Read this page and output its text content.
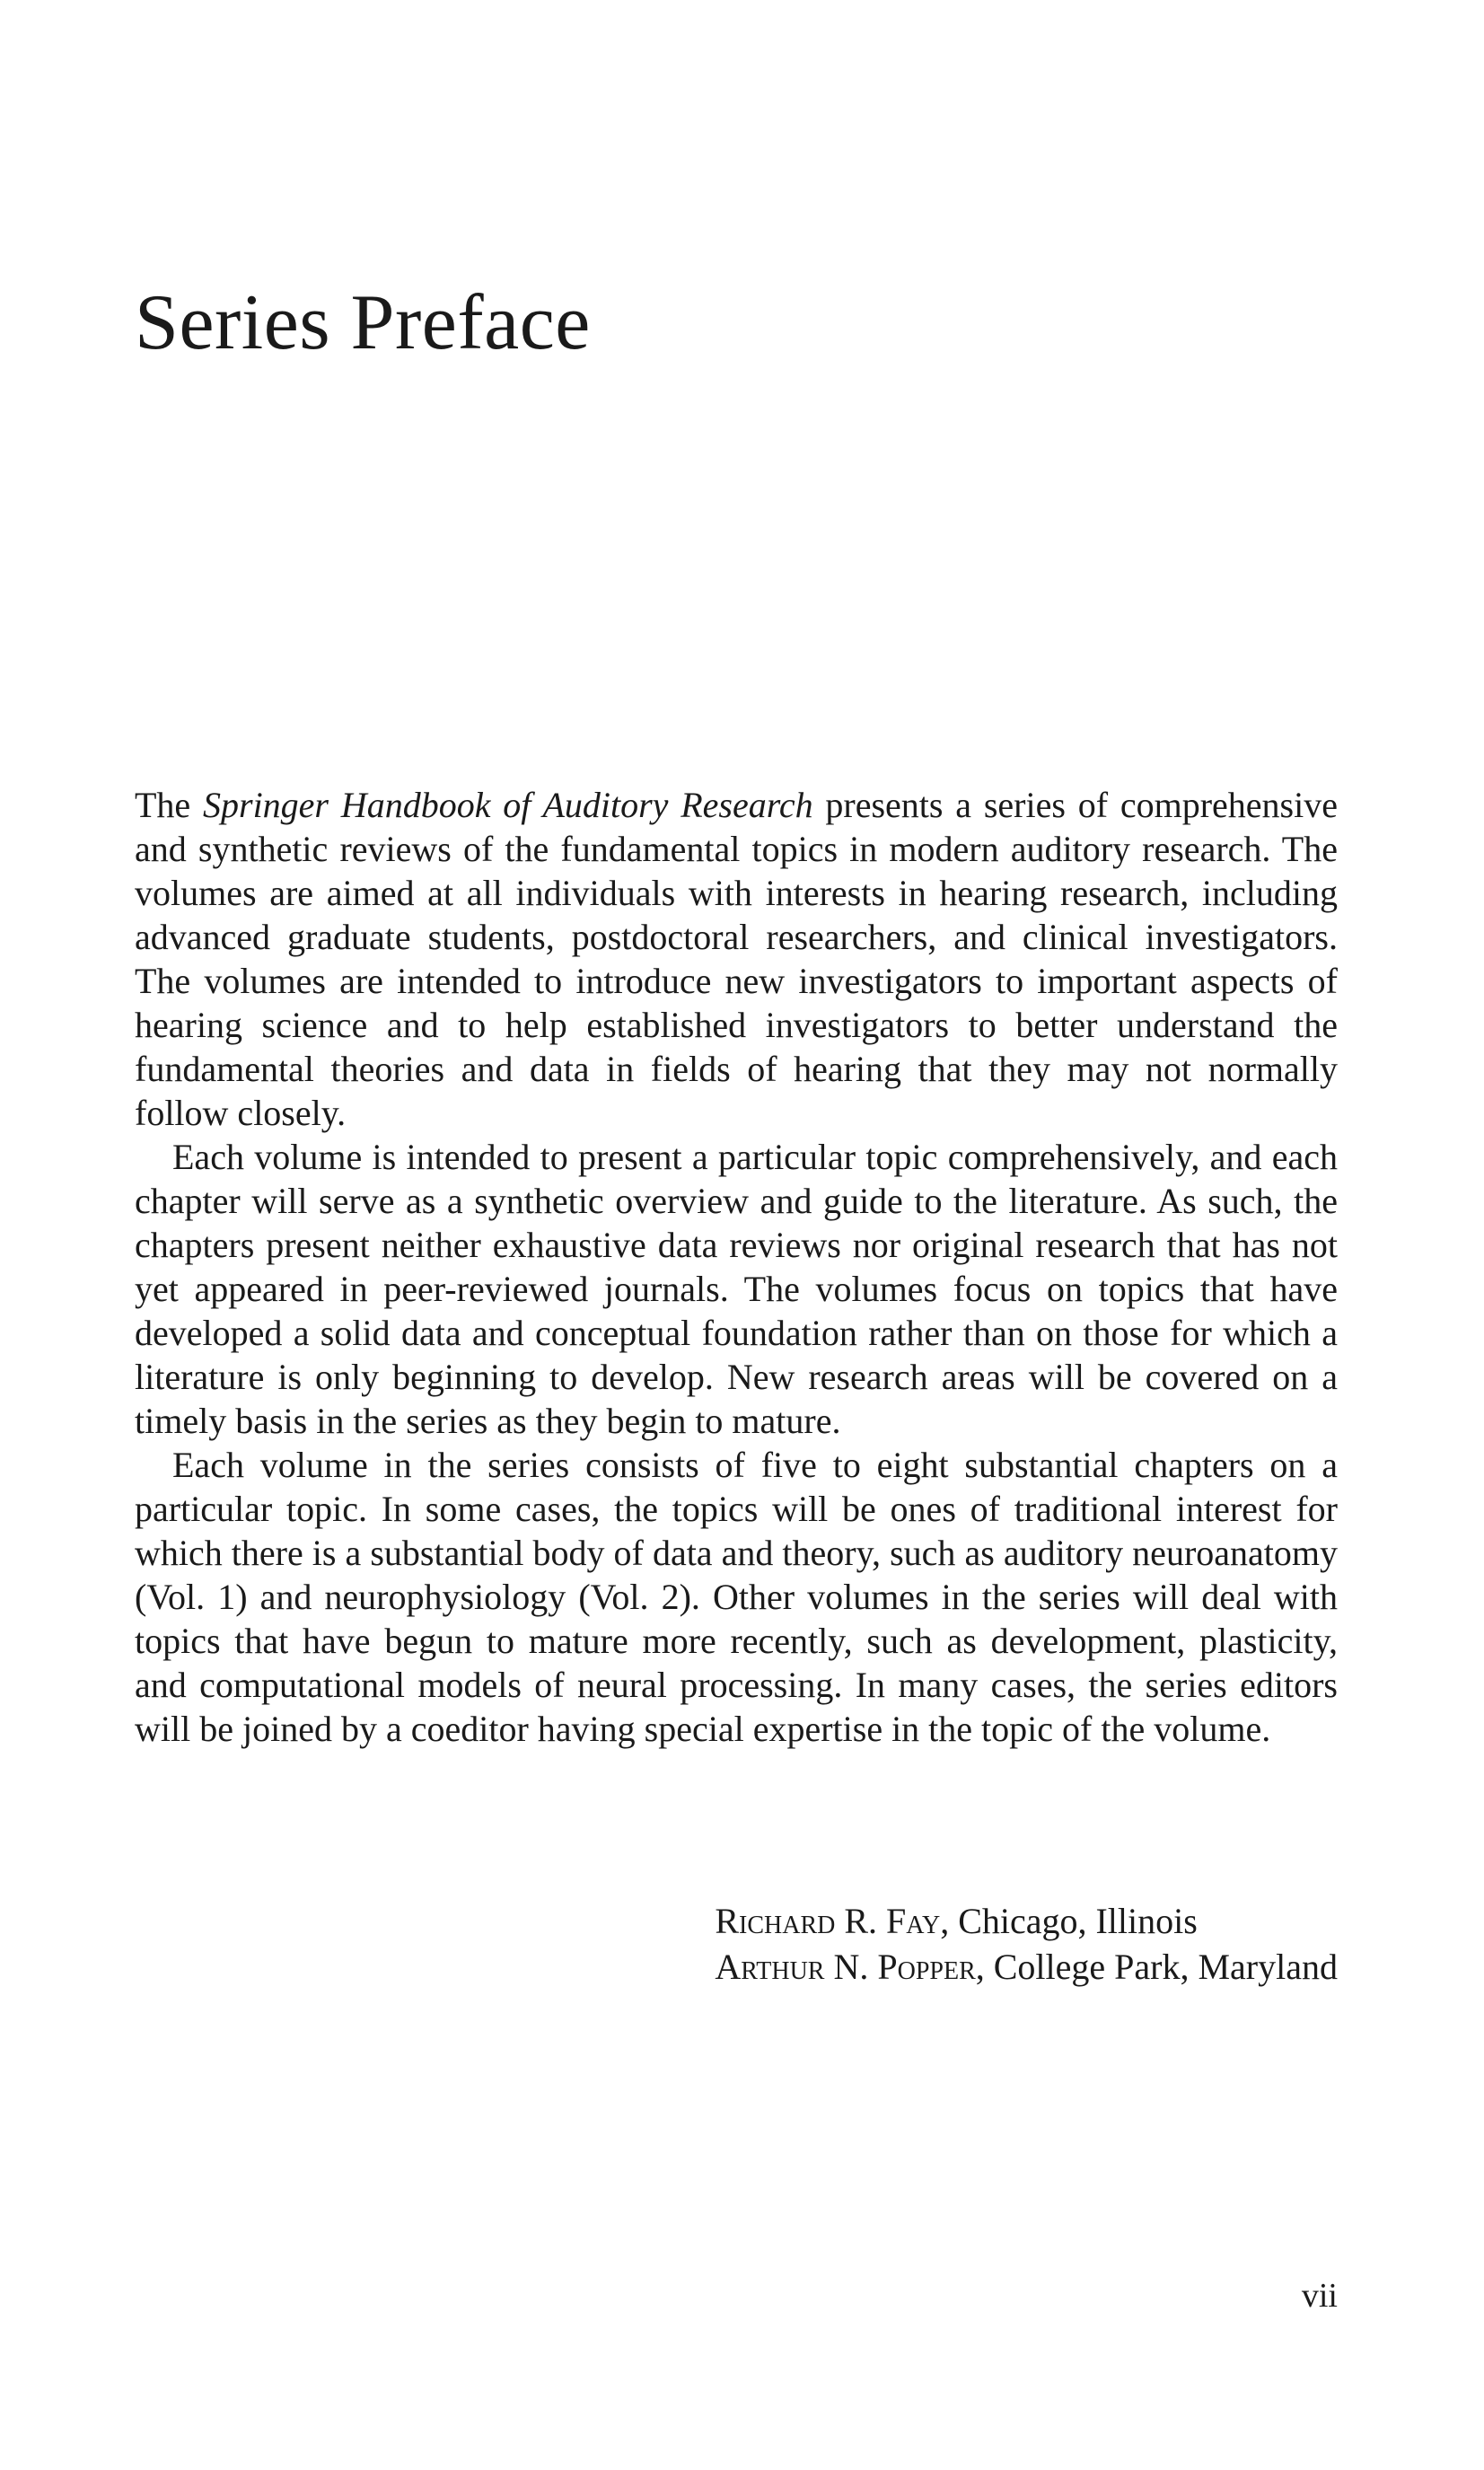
Series Preface

The Springer Handbook of Auditory Research presents a series of comprehensive and synthetic reviews of the fundamental topics in modern auditory research. The volumes are aimed at all individuals with interests in hearing research, including advanced graduate students, postdoctoral researchers, and clinical investigators. The volumes are intended to introduce new investigators to important aspects of hearing science and to help established investigators to better understand the fundamental theories and data in fields of hearing that they may not normally follow closely.

Each volume is intended to present a particular topic comprehensively, and each chapter will serve as a synthetic overview and guide to the literature. As such, the chapters present neither exhaustive data reviews nor original research that has not yet appeared in peer-reviewed journals. The volumes focus on topics that have developed a solid data and conceptual foundation rather than on those for which a literature is only beginning to develop. New research areas will be covered on a timely basis in the series as they begin to mature.

Each volume in the series consists of five to eight substantial chapters on a particular topic. In some cases, the topics will be ones of traditional interest for which there is a substantial body of data and theory, such as auditory neuroanatomy (Vol. 1) and neurophysiology (Vol. 2). Other volumes in the series will deal with topics that have begun to mature more recently, such as development, plasticity, and computational models of neural processing. In many cases, the series editors will be joined by a coeditor having special expertise in the topic of the volume.

Richard R. Fay, Chicago, Illinois
Arthur N. Popper, College Park, Maryland
vii
